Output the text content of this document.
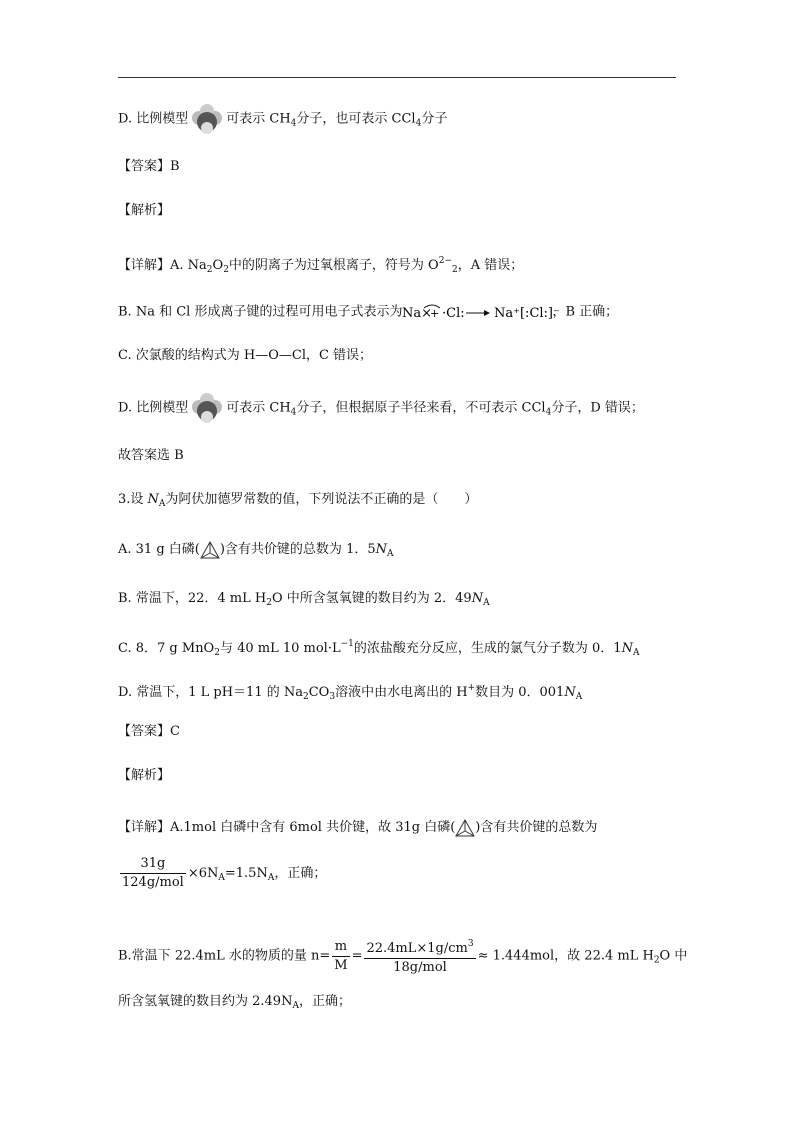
D. 比例模型	可表示 $CH_4$分子，也可表示 CCl$_4$分子
【答案】B
【解析】
【详解】A. $Na_2O_2$中的阴离子为过氧根离子，符号为 $O^{2-}_2$，A 错误；
B. Na 和 Cl 形成离子键的过程可用电子式表示为 Na×
+ ·Cl: Na⁺[:Cl:]⁻
，B 正确；
C. 次氯酸的结构式为 H—O—Cl，C 错误；
D. 比例模型	可表示 $CH_4$分子，但根据原子半径来看，不可表示 CCl$_4$分子，D 错误；
故答案选 B
3.设 $N_A$为阿伏加德罗常数的值，下列说法不正确的是（　　）
A. 31 g 白磷( )含有共价键的总数为 1．$5N_A$
B. 常温下，22．4 mL $H_2O$ 中所含氢氧键的数目约为 2．$49N_A$
C. 8．7 g MnO$_2$与 40 mL 10 $mol\cdot L^{-1}$的浓盐酸充分反应，生成的氯气分子数为 0．$1N_A$
D. 常温下，1 L pH＝11 的 $Na_2CO_3$溶液中由水电离出的 H+数目为 0．$001N_A$
【答案】C
【解析】
【详解】A.1mol 白磷中含有 6mol 共价键，故 31g 白磷( )含有共价键的总数为
$\frac{31g}{\text{124g/mol}} \times 6N_A=1.5N_A$，正确；
B.常温下 22.4mL 水的物质的量 $n= \frac{m}{M} = \frac{22.4mL\times 1g/cm^3}{\text{18g/mol}} \approx 1.444mol$，故 22.4 mL $H_2O$ 中
所含氢氧键的数目约为 $2.49N_A$，正确；
